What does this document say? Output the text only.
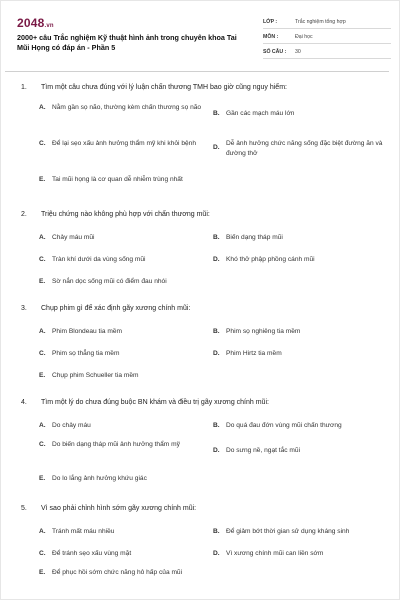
2048.vn
2000+ câu Trắc nghiệm Kỹ thuật hình ảnh trong chuyên khoa Tai Mũi Họng có đáp án - Phần 5
LỚP :	Trắc nghiệm tổng hợp
MÔN :	Đại học
SỐ CÂU :	30
1. Tìm một câu chưa đúng với lý luận chấn thương TMH bao giờ cũng nguy hiểm:
A. Nằm gần sọ não, thường kèm chấn thương sọ não
B. Gần các mạch máu lớn
C. Để lại sẹo xấu ảnh hưởng thẩm mỹ khi khỏi bệnh
D.
Dễ ảnh hưởng chức năng sống đặc biệt đường ăn và đường thở
E.	Tai mũi họng là cơ quan dễ nhiễm trùng nhất
2. Triệu chứng nào không phù hợp với chấn thương mũi:
A. Chảy máu mũi	B. Biến dạng tháp mũi
C. Tràn khí dưới da vùng sống mũi	D. Khó thở phập phồng cánh mũi
E.	Sờ nắn dọc sống mũi có điểm đau nhói
3. Chụp phim gì để xác định gãy xương chính mũi:
A. Phim Blondeau tia mềm	B. Phim sọ nghiêng tia mềm
C. Phim sọ thẳng tia mềm	D. Phim Hirtz tia mềm
E.	Chụp phim Schueller tia mềm
4. Tìm một lý do chưa đúng buộc BN khám và điều trị gãy xương chính mũi:
A. Do chảy máu	B. Do quá đau đớn vùng mũi chấn thương
C. Do biến dạng tháp mũi ảnh hưởng thẩm mỹ
D. Do sưng nề, ngạt tắc mũi
E.	Do lo lắng ảnh hưởng khứu giác
5. Vì sao phải chỉnh hình sớm gãy xương chính mũi:
A. Tránh mất máu nhiều	B. Để giảm bớt thời gian sử dụng kháng sinh
C. Để tránh sẹo xấu vùng mặt	D. Vì xương chính mũi can liền sớm
E.	Để phục hồi sớm chức năng hô hấp của mũi
